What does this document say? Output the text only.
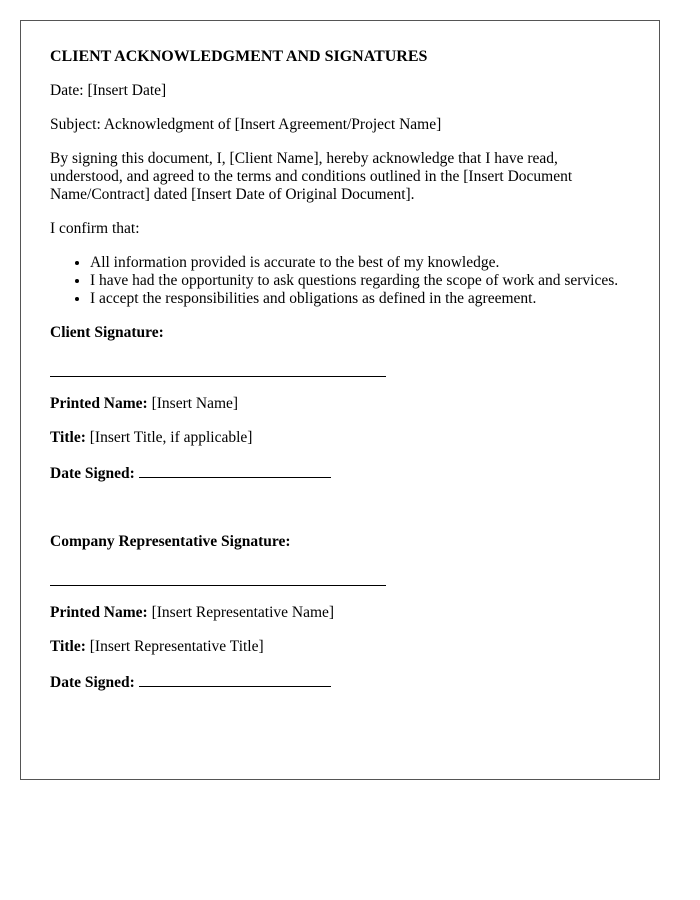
CLIENT ACKNOWLEDGMENT AND SIGNATURES

Date: [Insert Date]

Subject: Acknowledgment of [Insert Agreement/Project Name]

By signing this document, I, [Client Name], hereby acknowledge that I have read, understood, and agreed to the terms and conditions outlined in the [Insert Document Name/Contract] dated [Insert Date of Original Document].

I confirm that:

• All information provided is accurate to the best of my knowledge.
• I have had the opportunity to ask questions regarding the scope of work and services.
• I accept the responsibilities and obligations as defined in the agreement.
Client Signature:

Printed Name: [Insert Name]

Title: [Insert Title, if applicable]

Date Signed:

Company Representative Signature:

Printed Name: [Insert Representative Name]

Title: [Insert Representative Title]

Date Signed:
